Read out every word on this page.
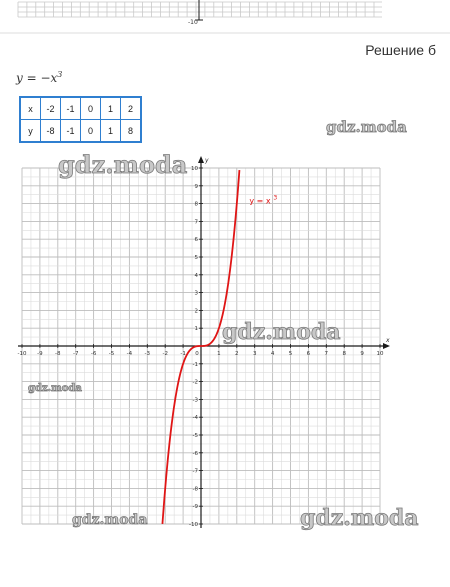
-10
Решение б
$y = -x^3$
x	-2	-1	0	1	2
y	-8	-1	0	1	8
x
y
-10 -9 -8 -7 -6 -5 -4 -3 -2 -1 0	1	2	3	4	5	6	7	8	9 10
-10
-9
-8
-7
-6
-5
-4
-3
-2
-1
1
2
3
4
5
6
7
8
9
10
y = x 3
gdz.moda
gdz.moda
gdz.moda
gdz.moda
gdz.moda	gdz.moda
